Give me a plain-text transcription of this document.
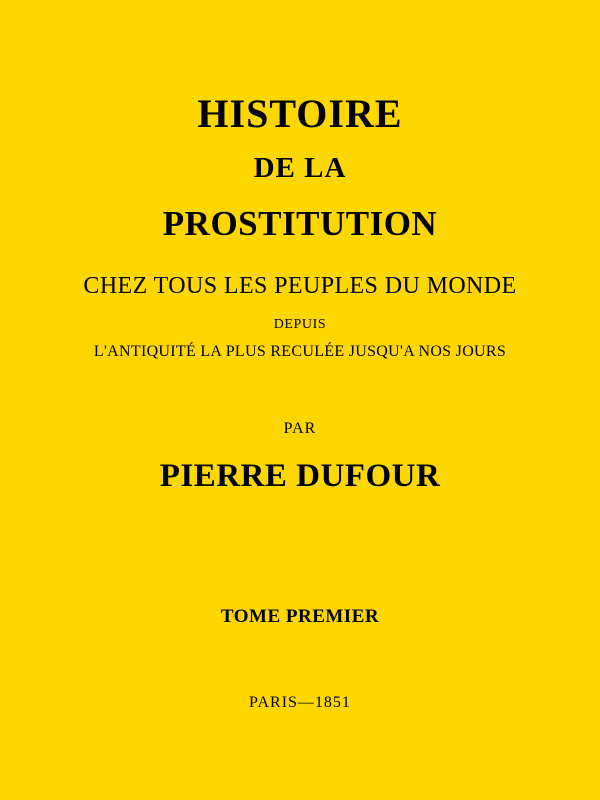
HISTOIRE
DE LA
PROSTITUTION
CHEZ TOUS LES PEUPLES DU MONDE
DEPUIS
L'ANTIQUITÉ LA PLUS RECULÉE JUSQU'A NOS JOURS
PAR
PIERRE DUFOUR
TOME PREMIER
PARIS—1851
